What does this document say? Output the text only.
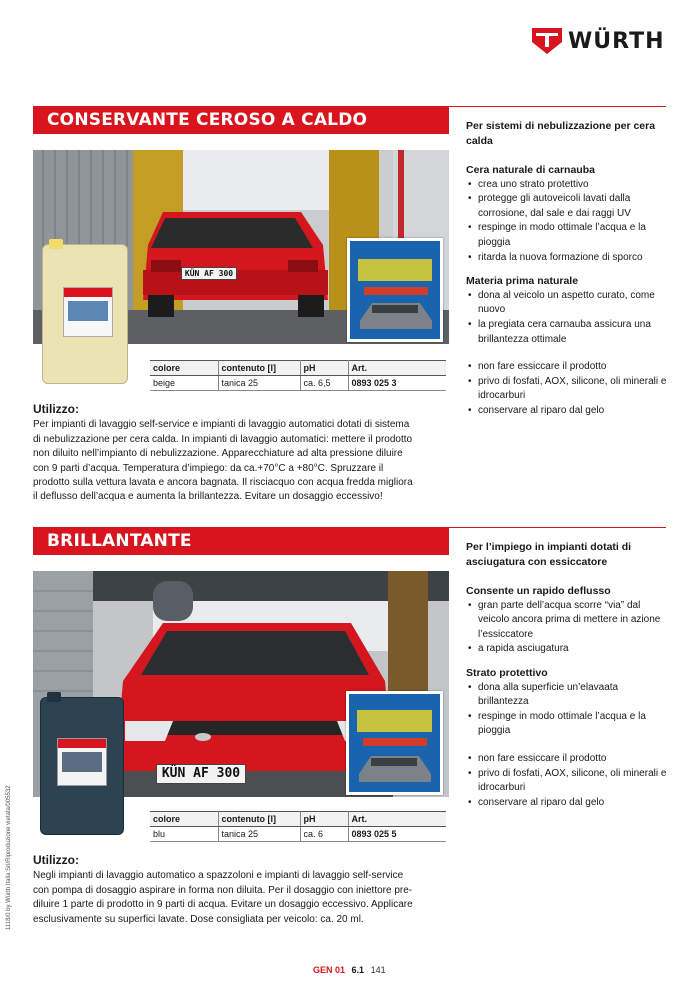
WÜRTH
CONSERVANTE CEROSO A CALDO
KÜN AF 300
colore	contenuto [l]	pH	Art.
beige	tanica 25	ca. 6,5	0893 025 3
Utilizzo:
Per impianti di lavaggio self-service e impianti di lavaggio automatici dotati di sistema
di nebulizzazione per cera calda. In impianti di lavaggio automatici: mettere il prodotto
non diluito nell’impianto di nebulizzazione. Apparecchiature ad alta pressione diluire
con 9 parti d’acqua. Temperatura d’impiego: da ca.+70°C a +80°C. Spruzzare il
prodotto sulla vettura lavata e ancora bagnata. Il risciacquo con acqua fredda migliora
il deflusso dell’acqua e aumenta la brillantezza. Evitare un dosaggio eccessivo!
Per sistemi di nebulizzazione per cera calda
Cera naturale di carnauba
• crea uno strato protettivo
• protegge gli autoveicoli lavati dalla corrosione, dal sale e dai raggi UV
• respinge in modo ottimale l’acqua e la pioggia
• ritarda la nuova formazione di sporco
Materia prima naturale
• dona al veicolo un aspetto curato, come nuovo
• la pregiata cera carnauba assicura una brillantezza ottimale
• non fare essiccare il prodotto
• privo di fosfati, AOX, silicone, oli minerali e idrocarburi
• conservare al riparo dal gelo
BRILLANTANTE
KÜN AF 300
colore	contenuto [l]	pH	Art.
blu	tanica 25	ca. 6	0893 025 5
Utilizzo:
Negli impianti di lavaggio automatico a spazzoloni e impianti di lavaggio self-service
con pompa di dosaggio aspirare in forma non diluita. Per il dosaggio con iniettore pre-
diluire 1 parte di prodotto in 9 parti di acqua. Evitare un dosaggio eccessivo. Applicare
esclusivamente su superfici lavate. Dose consigliata per veicolo: ca. 20 ml.
Per l’impiego in impianti dotati di asciugatura con essiccatore
Consente un rapido deflusso
• gran parte dell’acqua scorre “via” dal veicolo ancora prima di mettere in azione l’essiccatore
• a rapida asciugatura
Strato protettivo
• dona alla superficie un’elavaata brillantezza
• respinge in modo ottimale l’acqua e la pioggia
• non fare essiccare il prodotto
• privo di fosfati, AOX, silicone, oli minerali e idrocarburi
• conservare al riparo dal gelo
GEN 01 6.1 141
1118/0 by Würth Italia Srl/Riproduzione vietata/005532
